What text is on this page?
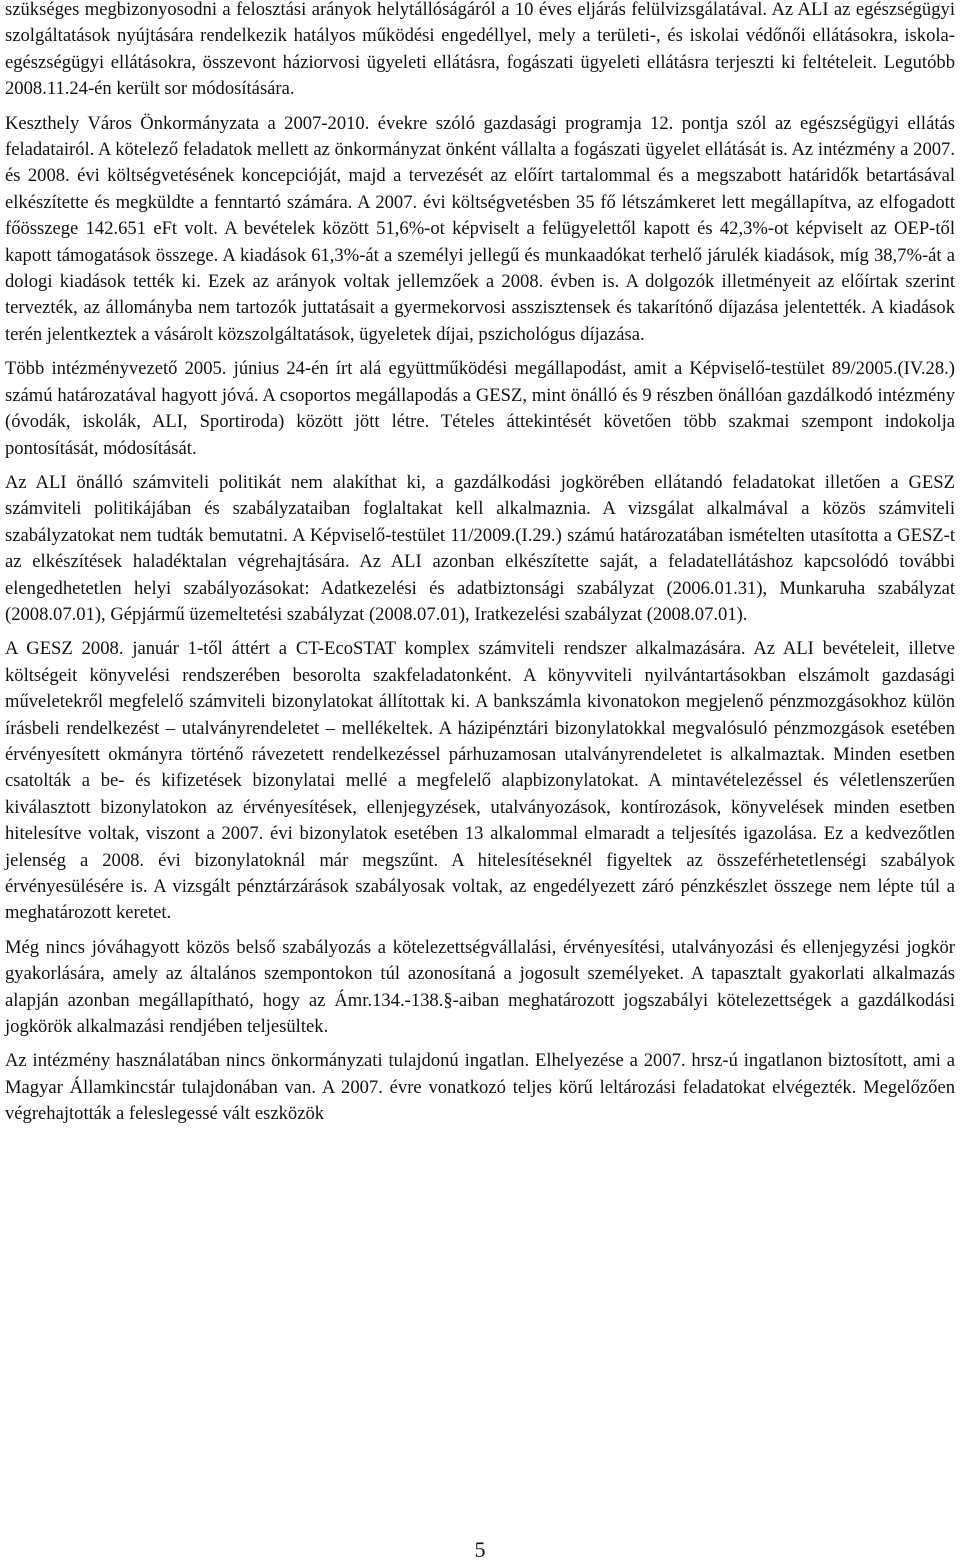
szükséges megbizonyosodni a felosztási arányok helytállóságáról a 10 éves eljárás felülvizsgálatával. Az ALI az egészségügyi szolgáltatások nyújtására rendelkezik hatályos működési engedéllyel, mely a területi-, és iskolai védőnői ellátásokra, iskola-egészségügyi ellátásokra, összevont háziorvosi ügyeleti ellátásra, fogászati ügyeleti ellátásra terjeszti ki feltételeit. Legutóbb 2008.11.24-én került sor módosítására.

Keszthely Város Önkormányzata a 2007-2010. évekre szóló gazdasági programja 12. pontja szól az egészségügyi ellátás feladatairól. A kötelező feladatok mellett az önkormányzat önként vállalta a fogászati ügyelet ellátását is. Az intézmény a 2007. és 2008. évi költségvetésének koncepcióját, majd a tervezését az előírt tartalommal és a megszabott határidők betartásával elkészítette és megküldte a fenntartó számára. A 2007. évi költségvetésben 35 fő létszámkeret lett megállapítva, az elfogadott főösszege 142.651 eFt volt. A bevételek között 51,6%-ot képviselt a felügyelettől kapott és 42,3%-ot képviselt az OEP-től kapott támogatások összege. A kiadások 61,3%-át a személyi jellegű és munkaadókat terhelő járulék kiadások, míg 38,7%-át a dologi kiadások tették ki. Ezek az arányok voltak jellemzőek a 2008. évben is. A dolgozók illetményeit az előírtak szerint tervezték, az állományba nem tartozók juttatásait a gyermekorvosi asszisztensek és takarítónő díjazása jelentették. A kiadások terén jelentkeztek a vásárolt közszolgáltatások, ügyeletek díjai, pszichológus díjazása.

Több intézményvezető 2005. június 24-én írt alá együttműködési megállapodást, amit a Képviselő-testület 89/2005.(IV.28.) számú határozatával hagyott jóvá. A csoportos megállapodás a GESZ, mint önálló és 9 részben önállóan gazdálkodó intézmény (óvodák, iskolák, ALI, Sportiroda) között jött létre. Tételes áttekintését követően több szakmai szempont indokolja pontosítását, módosítását.

Az ALI önálló számviteli politikát nem alakíthat ki, a gazdálkodási jogkörében ellátandó feladatokat illetően a GESZ számviteli politikájában és szabályzataiban foglaltakat kell alkalmaznia. A vizsgálat alkalmával a közös számviteli szabályzatokat nem tudták bemutatni. A Képviselő-testület 11/2009.(I.29.) számú határozatában ismételten utasította a GESZ-t az elkészítések haladéktalan végrehajtására. Az ALI azonban elkészítette saját, a feladatellátáshoz kapcsolódó további elengedhetetlen helyi szabályozásokat: Adatkezelési és adatbiztonsági szabályzat (2006.01.31), Munkaruha szabályzat (2008.07.01), Gépjármű üzemeltetési szabályzat (2008.07.01), Iratkezelési szabályzat (2008.07.01).

A GESZ 2008. január 1-től áttért a CT-EcoSTAT komplex számviteli rendszer alkalmazására. Az ALI bevételeit, illetve költségeit könyvelési rendszerében besorolta szakfeladatonként. A könyvviteli nyilvántartásokban elszámolt gazdasági műveletekről megfelelő számviteli bizonylatokat állítottak ki. A bankszámla kivonatokon megjelenő pénzmozgásokhoz külön írásbeli rendelkezést – utalványrendeletet – mellékeltek. A házipénztári bizonylatokkal megvalósuló pénzmozgások esetében érvényesített okmányra történő rávezetett rendelkezéssel párhuzamosan utalványrendeletet is alkalmaztak. Minden esetben csatolták a be- és kifizetések bizonylatai mellé a megfelelő alapbizonylatokat. A mintavételezéssel és véletlenszerűen kiválasztott bizonylatokon az érvényesítések, ellenjegyzések, utalványozások, kontírozások, könyvelések minden esetben hitelesítve voltak, viszont a 2007. évi bizonylatok esetében 13 alkalommal elmaradt a teljesítés igazolása. Ez a kedvezőtlen jelenség a 2008. évi bizonylatoknál már megszűnt. A hitelesítéseknél figyeltek az összeférhetetlenségi szabályok érvényesülésére is. A vizsgált pénztárzárások szabályosak voltak, az engedélyezett záró pénzkészlet összege nem lépte túl a meghatározott keretet.

Még nincs jóváhagyott közös belső szabályozás a kötelezettségvállalási, érvényesítési, utalványozási és ellenjegyzési jogkör gyakorlására, amely az általános szempontokon túl azonosítaná a jogosult személyeket. A tapasztalt gyakorlati alkalmazás alapján azonban megállapítható, hogy az Ámr.134.-138.§-aiban meghatározott jogszabályi kötelezettségek a gazdálkodási jogkörök alkalmazási rendjében teljesültek.

Az intézmény használatában nincs önkormányzati tulajdonú ingatlan. Elhelyezése a 2007. hrsz-ú ingatlanon biztosított, ami a Magyar Államkincstár tulajdonában van. A 2007. évre vonatkozó teljes körű leltározási feladatokat elvégezték. Megelőzően végrehajtották a feleslegessé vált eszközök

5
